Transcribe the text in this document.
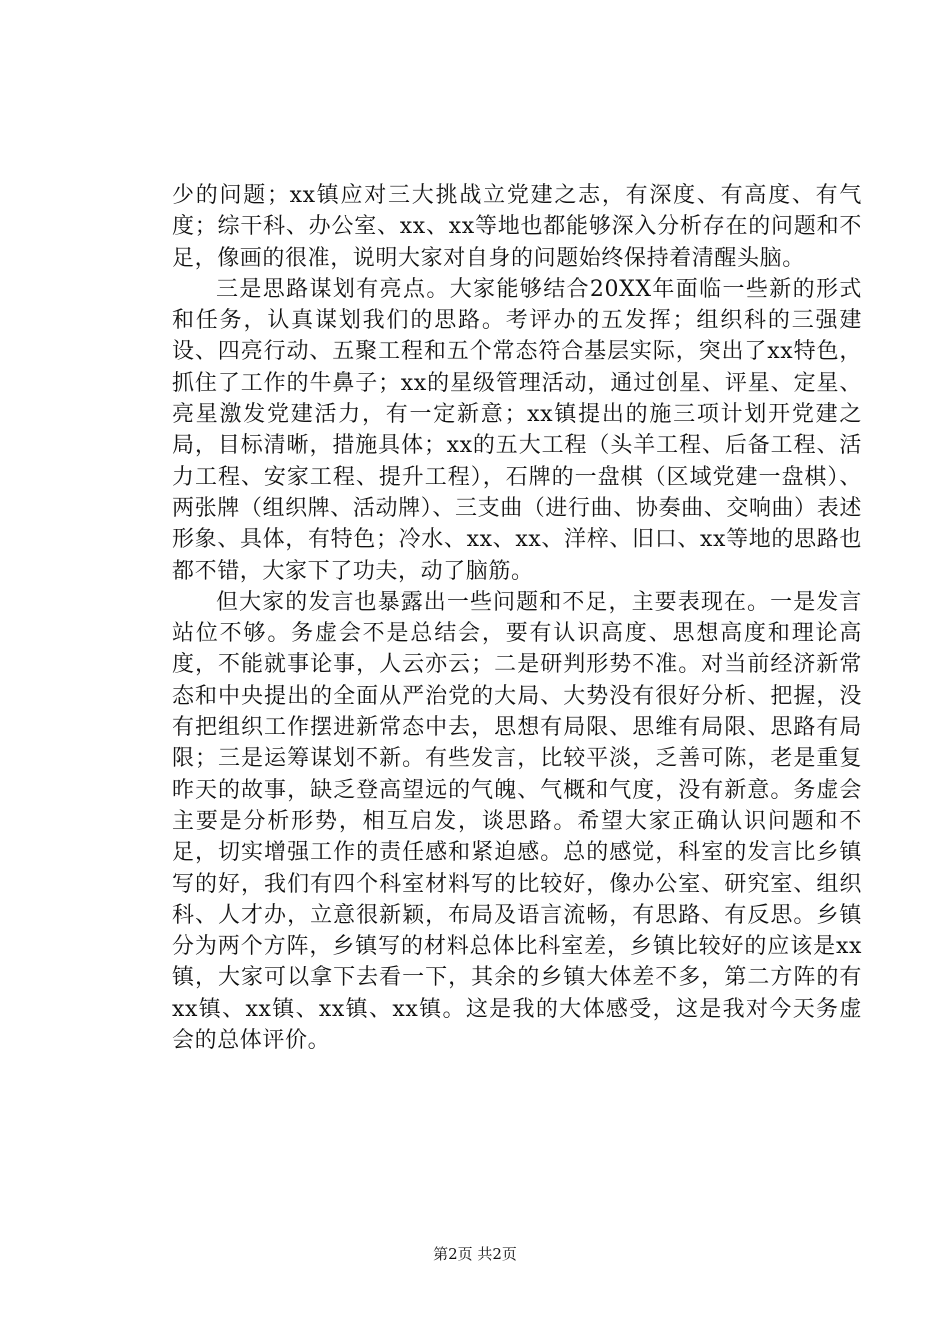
少的问题；xx镇应对三大挑战立党建之志，有深度、有高度、有气度；综干科、办公室、xx、xx等地也都能够深入分析存在的问题和不足，像画的很准，说明大家对自身的问题始终保持着清醒头脑。

三是思路谋划有亮点。大家能够结合20XX年面临一些新的形式和任务，认真谋划我们的思路。考评办的五发挥；组织科的三强建设、四亮行动、五聚工程和五个常态符合基层实际，突出了xx特色，抓住了工作的牛鼻子；xx的星级管理活动，通过创星、评星、定星、亮星激发党建活力，有一定新意；xx镇提出的施三项计划开党建之局，目标清晰，措施具体；xx的五大工程（头羊工程、后备工程、活力工程、安家工程、提升工程），石牌的一盘棋（区域党建一盘棋）、两张牌（组织牌、活动牌）、三支曲（进行曲、协奏曲、交响曲）表述形象、具体，有特色；冷水、xx、xx、洋梓、旧口、xx等地的思路也都不错，大家下了功夫，动了脑筋。

但大家的发言也暴露出一些问题和不足，主要表现在。一是发言站位不够。务虚会不是总结会，要有认识高度、思想高度和理论高度，不能就事论事，人云亦云；二是研判形势不准。对当前经济新常态和中央提出的全面从严治党的大局、大势没有很好分析、把握，没有把组织工作摆进新常态中去，思想有局限、思维有局限、思路有局限；三是运筹谋划不新。有些发言，比较平淡，乏善可陈，老是重复昨天的故事，缺乏登高望远的气魄、气概和气度，没有新意。务虚会主要是分析形势，相互启发，谈思路。希望大家正确认识问题和不足，切实增强工作的责任感和紧迫感。总的感觉，科室的发言比乡镇写的好，我们有四个科室材料写的比较好，像办公室、研究室、组织科、人才办，立意很新颖，布局及语言流畅，有思路、有反思。乡镇分为两个方阵，乡镇写的材料总体比科室差，乡镇比较好的应该是xx镇，大家可以拿下去看一下，其余的乡镇大体差不多，第二方阵的有xx镇、xx镇、xx镇、xx镇。这是我的大体感受，这是我对今天务虚会的总体评价。

第2页 共2页
